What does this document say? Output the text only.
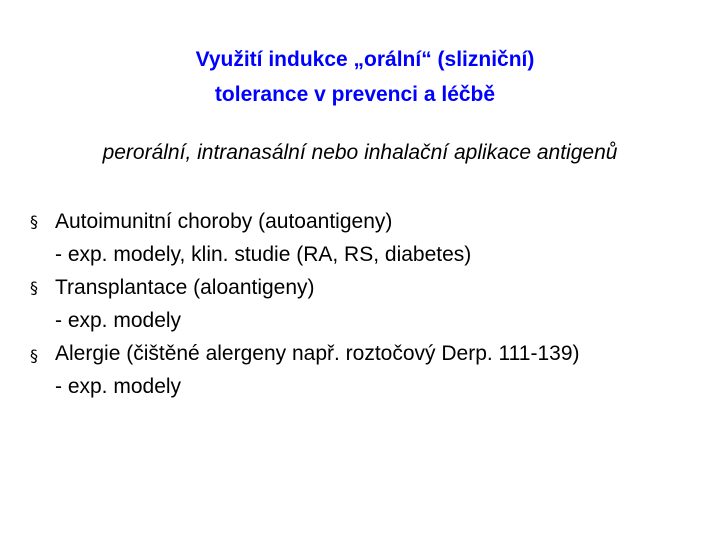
Využití indukce „orální“ (slizniční)
tolerance v prevenci a léčbě
perorální, intranasální nebo inhalační aplikace antigenů
§ Autoimunitní choroby (autoantigeny)
- exp. modely, klin. studie (RA, RS, diabetes)
§ Transplantace (aloantigeny)
- exp. modely
§ Alergie (čištěné alergeny např. roztočový Derp. 111-139)
- exp. modely
